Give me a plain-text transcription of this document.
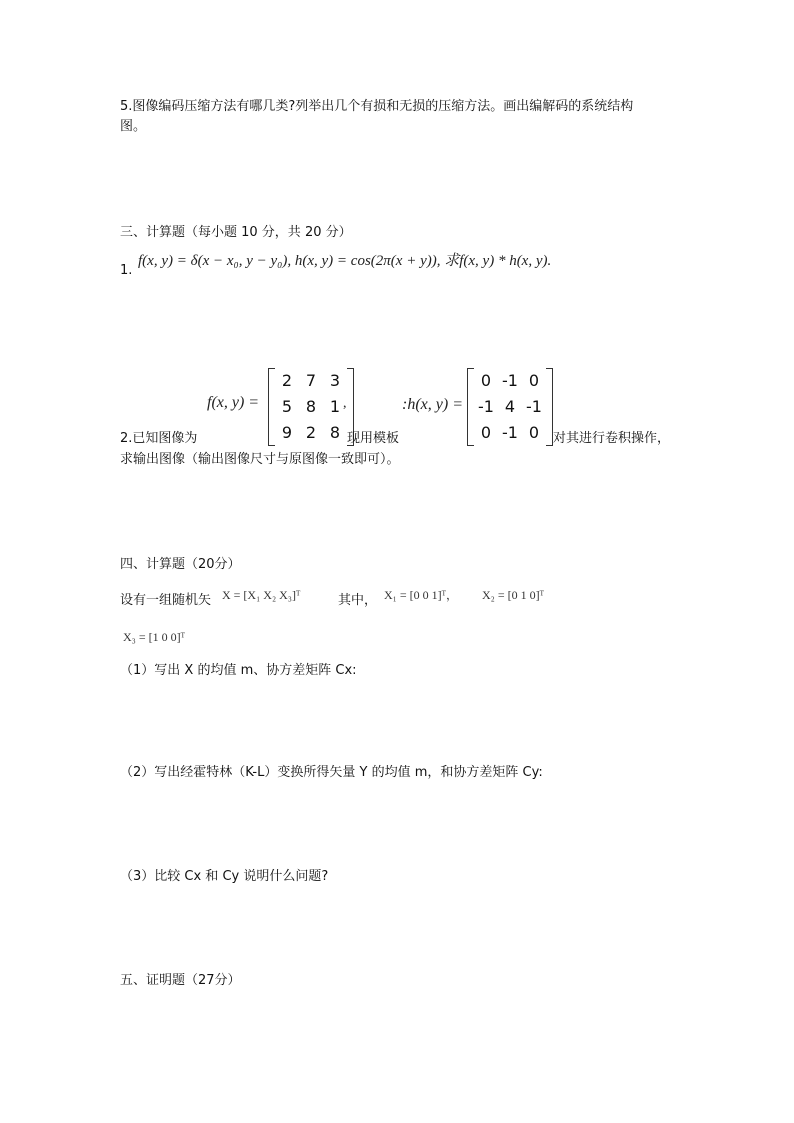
5.图像编码压缩方法有哪几类?列举出几个有损和无损的压缩方法。画出编解码的系统结构
图。
三、计算题（每小题 10 分，共 20 分）
1.
f(x, y) = δ(x − x₀, y − y₀), h(x, y) = cos(2π(x + y)), 求f(x, y) * h(x, y).
f(x, y) =
2 7 3
5 8 1
9 2 8
,	:h(x, y) =
0 -1 0
-1 4 -1
0 -1 0
2.已知图像为	现用模板	对其进行卷积操作，
求输出图像（输出图像尺寸与原图像一致即可）。
四、计算题（20分）
设有一组随机矢 X = [X₁ X₂ X₃]ᵀ	其中， X₁ = [0 0 1]ᵀ， X₂ = [0 1 0]ᵀ
X₃ = [1 0 0]ᵀ
（1）写出 X 的均值 m、协方差矩阵 Cx:
（2）写出经霍特林（K-L）变换所得矢量 Y 的均值 m，和协方差矩阵 Cy:
（3）比较 Cx 和 Cy 说明什么问题?
五、证明题（27分）
